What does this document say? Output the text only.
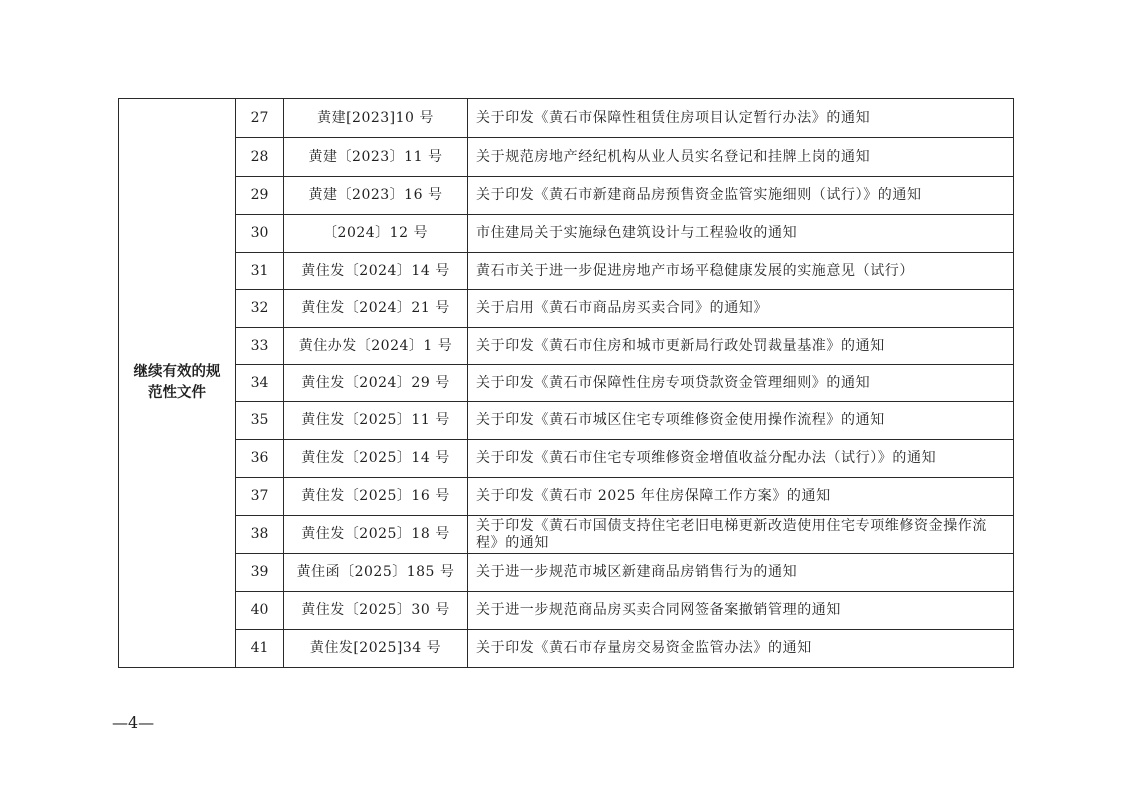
继续有效的规范性文件	27	黄建[2023]10 号	关于印发《黄石市保障性租赁住房项目认定暂行办法》的通知
	28	黄建〔2023〕11 号	关于规范房地产经纪机构从业人员实名登记和挂牌上岗的通知
	29	黄建〔2023〕16 号	关于印发《黄石市新建商品房预售资金监管实施细则（试行）》的通知
	30	〔2024〕12 号	市住建局关于实施绿色建筑设计与工程验收的通知
	31	黄住发〔2024〕14 号	黄石市关于进一步促进房地产市场平稳健康发展的实施意见（试行）
	32	黄住发〔2024〕21 号	关于启用《黄石市商品房买卖合同》的通知》
	33	黄住办发〔2024〕1 号	关于印发《黄石市住房和城市更新局行政处罚裁量基准》的通知
	34	黄住发〔2024〕29 号	关于印发《黄石市保障性住房专项贷款资金管理细则》的通知
	35	黄住发〔2025〕11 号	关于印发《黄石市城区住宅专项维修资金使用操作流程》的通知
	36	黄住发〔2025〕14 号	关于印发《黄石市住宅专项维修资金增值收益分配办法（试行）》的通知
	37	黄住发〔2025〕16 号	关于印发《黄石市 2025 年住房保障工作方案》的通知
	38	黄住发〔2025〕18 号	关于印发《黄石市国债支持住宅老旧电梯更新改造使用住宅专项维修资金操作流程》的通知
	39	黄住函〔2025〕185 号	关于进一步规范市城区新建商品房销售行为的通知
	40	黄住发〔2025〕30 号	关于进一步规范商品房买卖合同网签备案撤销管理的通知
	41	黄住发[2025]34 号	关于印发《黄石市存量房交易资金监管办法》的通知
—4—
